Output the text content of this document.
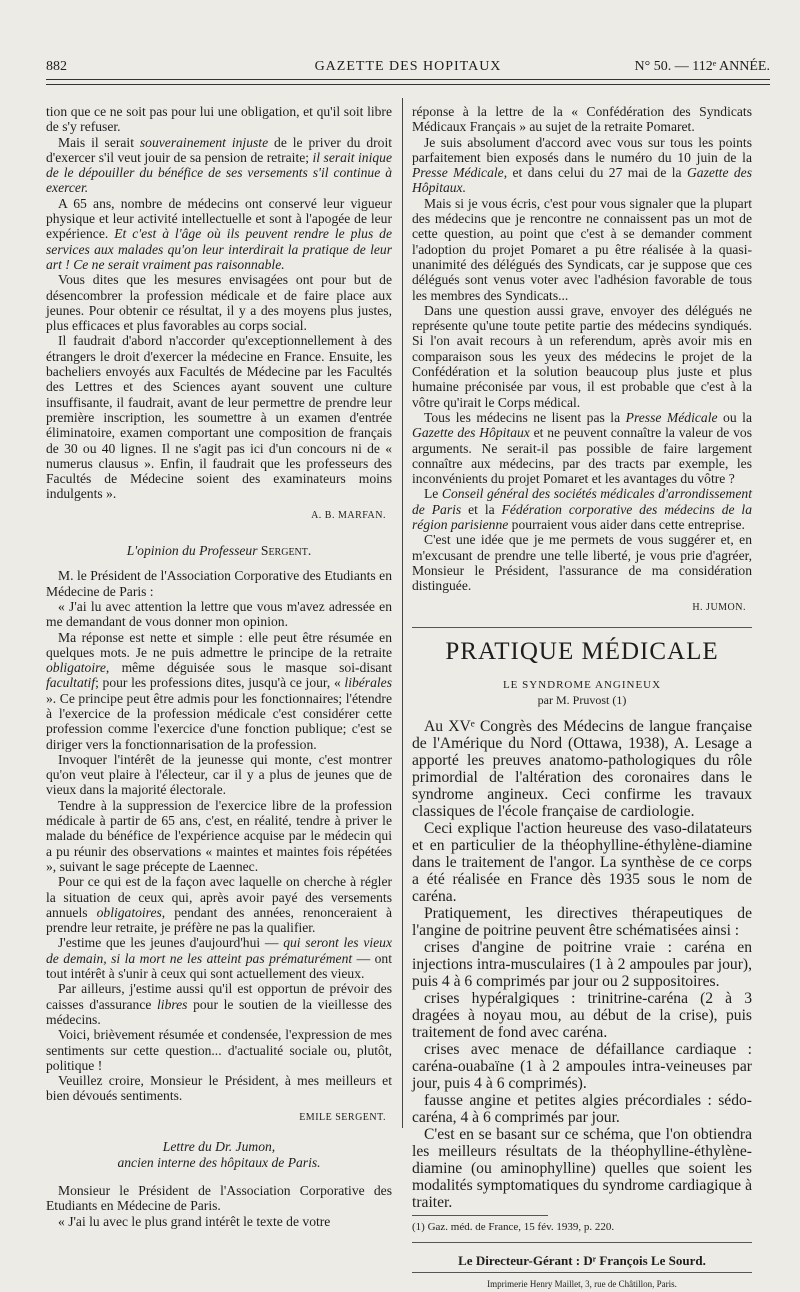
882	GAZETTE DES HOPITAUX	N° 50. — 112ᵉ ANNÉE.

tion que ce ne soit pas pour lui une obligation, et qu'il soit libre de s'y refuser.

Mais il serait souverainement injuste de le priver du droit d'exercer s'il veut jouir de sa pension de retraite; il serait inique de le dépouiller du bénéfice de ses versements s'il continue à exercer.

A 65 ans, nombre de médecins ont conservé leur vigueur physique et leur activité intellectuelle et sont à l'apogée de leur expérience. Et c'est à l'âge où ils peuvent rendre le plus de services aux malades qu'on leur interdirait la pratique de leur art ! Ce ne serait vraiment pas raisonnable.

Vous dites que les mesures envisagées ont pour but de désencombrer la profession médicale et de faire place aux jeunes. Pour obtenir ce résultat, il y a des moyens plus justes, plus efficaces et plus favorables au corps social.

Il faudrait d'abord n'accorder qu'exceptionnellement à des étrangers le droit d'exercer la médecine en France. Ensuite, les bacheliers envoyés aux Facultés de Médecine par les Facultés des Lettres et des Sciences ayant souvent une culture insuffisante, il faudrait, avant de leur permettre de prendre leur première inscription, les soumettre à un examen d'entrée éliminatoire, examen comportant une composition de français de 30 ou 40 lignes. Il ne s'agit pas ici d'un concours ni de « numerus clausus ». Enfin, il faudrait que les professeurs des Facultés de Médecine soient des examinateurs moins indulgents ».

A. B. MARFAN.
L'opinion du Professeur Sergent.

M. le Président de l'Association Corporative des Etudiants en Médecine de Paris :

« J'ai lu avec attention la lettre que vous m'avez adressée en me demandant de vous donner mon opinion.

Ma réponse est nette et simple : elle peut être résumée en quelques mots. Je ne puis admettre le principe de la retraite obligatoire, même déguisée sous le masque soi-disant facultatif; pour les professions dites, jusqu'à ce jour, « libérales ». Ce principe peut être admis pour les fonctionnaires; l'étendre à l'exercice de la profession médicale c'est considérer cette profession comme l'exercice d'une fonction publique; c'est se diriger vers la fonctionnarisation de la profession.

Invoquer l'intérêt de la jeunesse qui monte, c'est montrer qu'on veut plaire à l'électeur, car il y a plus de jeunes que de vieux dans la majorité électorale.

Tendre à la suppression de l'exercice libre de la profession médicale à partir de 65 ans, c'est, en réalité, tendre à priver le malade du bénéfice de l'expérience acquise par le médecin qui a pu réunir des observations « maintes et maintes fois répétées », suivant le sage précepte de Laennec.

Pour ce qui est de la façon avec laquelle on cherche à régler la situation de ceux qui, après avoir payé des versements annuels obligatoires, pendant des années, renonceraient à prendre leur retraite, je préfère ne pas la qualifier.

J'estime que les jeunes d'aujourd'hui — qui seront les vieux de demain, si la mort ne les atteint pas prématurément — ont tout intérêt à s'unir à ceux qui sont actuellement des vieux.

Par ailleurs, j'estime aussi qu'il est opportun de prévoir des caisses d'assurance libres pour le soutien de la vieillesse des médecins.

Voici, brièvement résumée et condensée, l'expression de mes sentiments sur cette question... d'actualité sociale ou, plutôt, politique !

Veuillez croire, Monsieur le Président, à mes meilleurs et bien dévoués sentiments.

EMILE SERGENT.
Lettre du Dr. Jumon,
ancien interne des hôpitaux de Paris.

Monsieur le Président de l'Association Corporative des Etudiants en Médecine de Paris.

« J'ai lu avec le plus grand intérêt le texte de votre

réponse à la lettre de la « Confédération des Syndicats Médicaux Français » au sujet de la retraite Pomaret.

Je suis absolument d'accord avec vous sur tous les points parfaitement bien exposés dans le numéro du 10 juin de la Presse Médicale, et dans celui du 27 mai de la Gazette des Hôpitaux.

Mais si je vous écris, c'est pour vous signaler que la plupart des médecins que je rencontre ne connaissent pas un mot de cette question, au point que c'est à se demander comment l'adoption du projet Pomaret a pu être réalisée à la quasi-unanimité des délégués des Syndicats, car je suppose que ces délégués sont venus voter avec l'adhésion favorable de tous les membres des Syndicats...

Dans une question aussi grave, envoyer des délégués ne représente qu'une toute petite partie des médecins syndiqués. Si l'on avait recours à un referendum, après avoir mis en comparaison sous les yeux des médecins le projet de la Confédération et la solution beaucoup plus juste et plus humaine préconisée par vous, il est probable que c'est à la vôtre qu'irait le Corps médical.

Tous les médecins ne lisent pas la Presse Médicale ou la Gazette des Hôpitaux et ne peuvent connaître la valeur de vos arguments. Ne serait-il pas possible de faire largement connaître aux médecins, par des tracts par exemple, les inconvénients du projet Pomaret et les avantages du vôtre ?

Le Conseil général des sociétés médicales d'arrondissement de Paris et la Fédération corporative des médecins de la région parisienne pourraient vous aider dans cette entreprise.

C'est une idée que je me permets de vous suggérer et, en m'excusant de prendre une telle liberté, je vous prie d'agréer, Monsieur le Président, l'assurance de ma considération distinguée.

H. JUMON.
PRATIQUE MÉDICALE
LE SYNDROME ANGINEUX
par M. Pruvost (1)

Au XVᵉ Congrès des Médecins de langue française de l'Amérique du Nord (Ottawa, 1938), A. Lesage a apporté les preuves anatomo-pathologiques du rôle primordial de l'altération des coronaires dans le syndrome angineux. Ceci confirme les travaux classiques de l'école française de cardiologie.

Ceci explique l'action heureuse des vaso-dilatateurs et en particulier de la théophylline-éthylène-diamine dans le traitement de l'angor. La synthèse de ce corps a été réalisée en France dès 1935 sous le nom de caréna.

Pratiquement, les directives thérapeutiques de l'angine de poitrine peuvent être schématisées ainsi :

crises d'angine de poitrine vraie : caréna en injections intra-musculaires (1 à 2 ampoules par jour), puis 4 à 6 comprimés par jour ou 2 suppositoires.

crises hypéralgiques : trinitrine-caréna (2 à 3 dragées à noyau mou, au début de la crise), puis traitement de fond avec caréna.

crises avec menace de défaillance cardiaque : caréna-ouabaïne (1 à 2 ampoules intra-veineuses par jour, puis 4 à 6 comprimés).

fausse angine et petites algies précordiales : sédo-caréna, 4 à 6 comprimés par jour.

C'est en se basant sur ce schéma, que l'on obtiendra les meilleurs résultats de la théophylline-éthylène-diamine (ou aminophylline) quelles que soient les modalités symptomatiques du syndrome cardiagique à traiter.

(1) Gaz. méd. de France, 15 fév. 1939, p. 220.

Le Directeur-Gérant : Dʳ François Le Sourd.
Imprimerie Henry Maillet, 3, rue de Châtillon, Paris.
